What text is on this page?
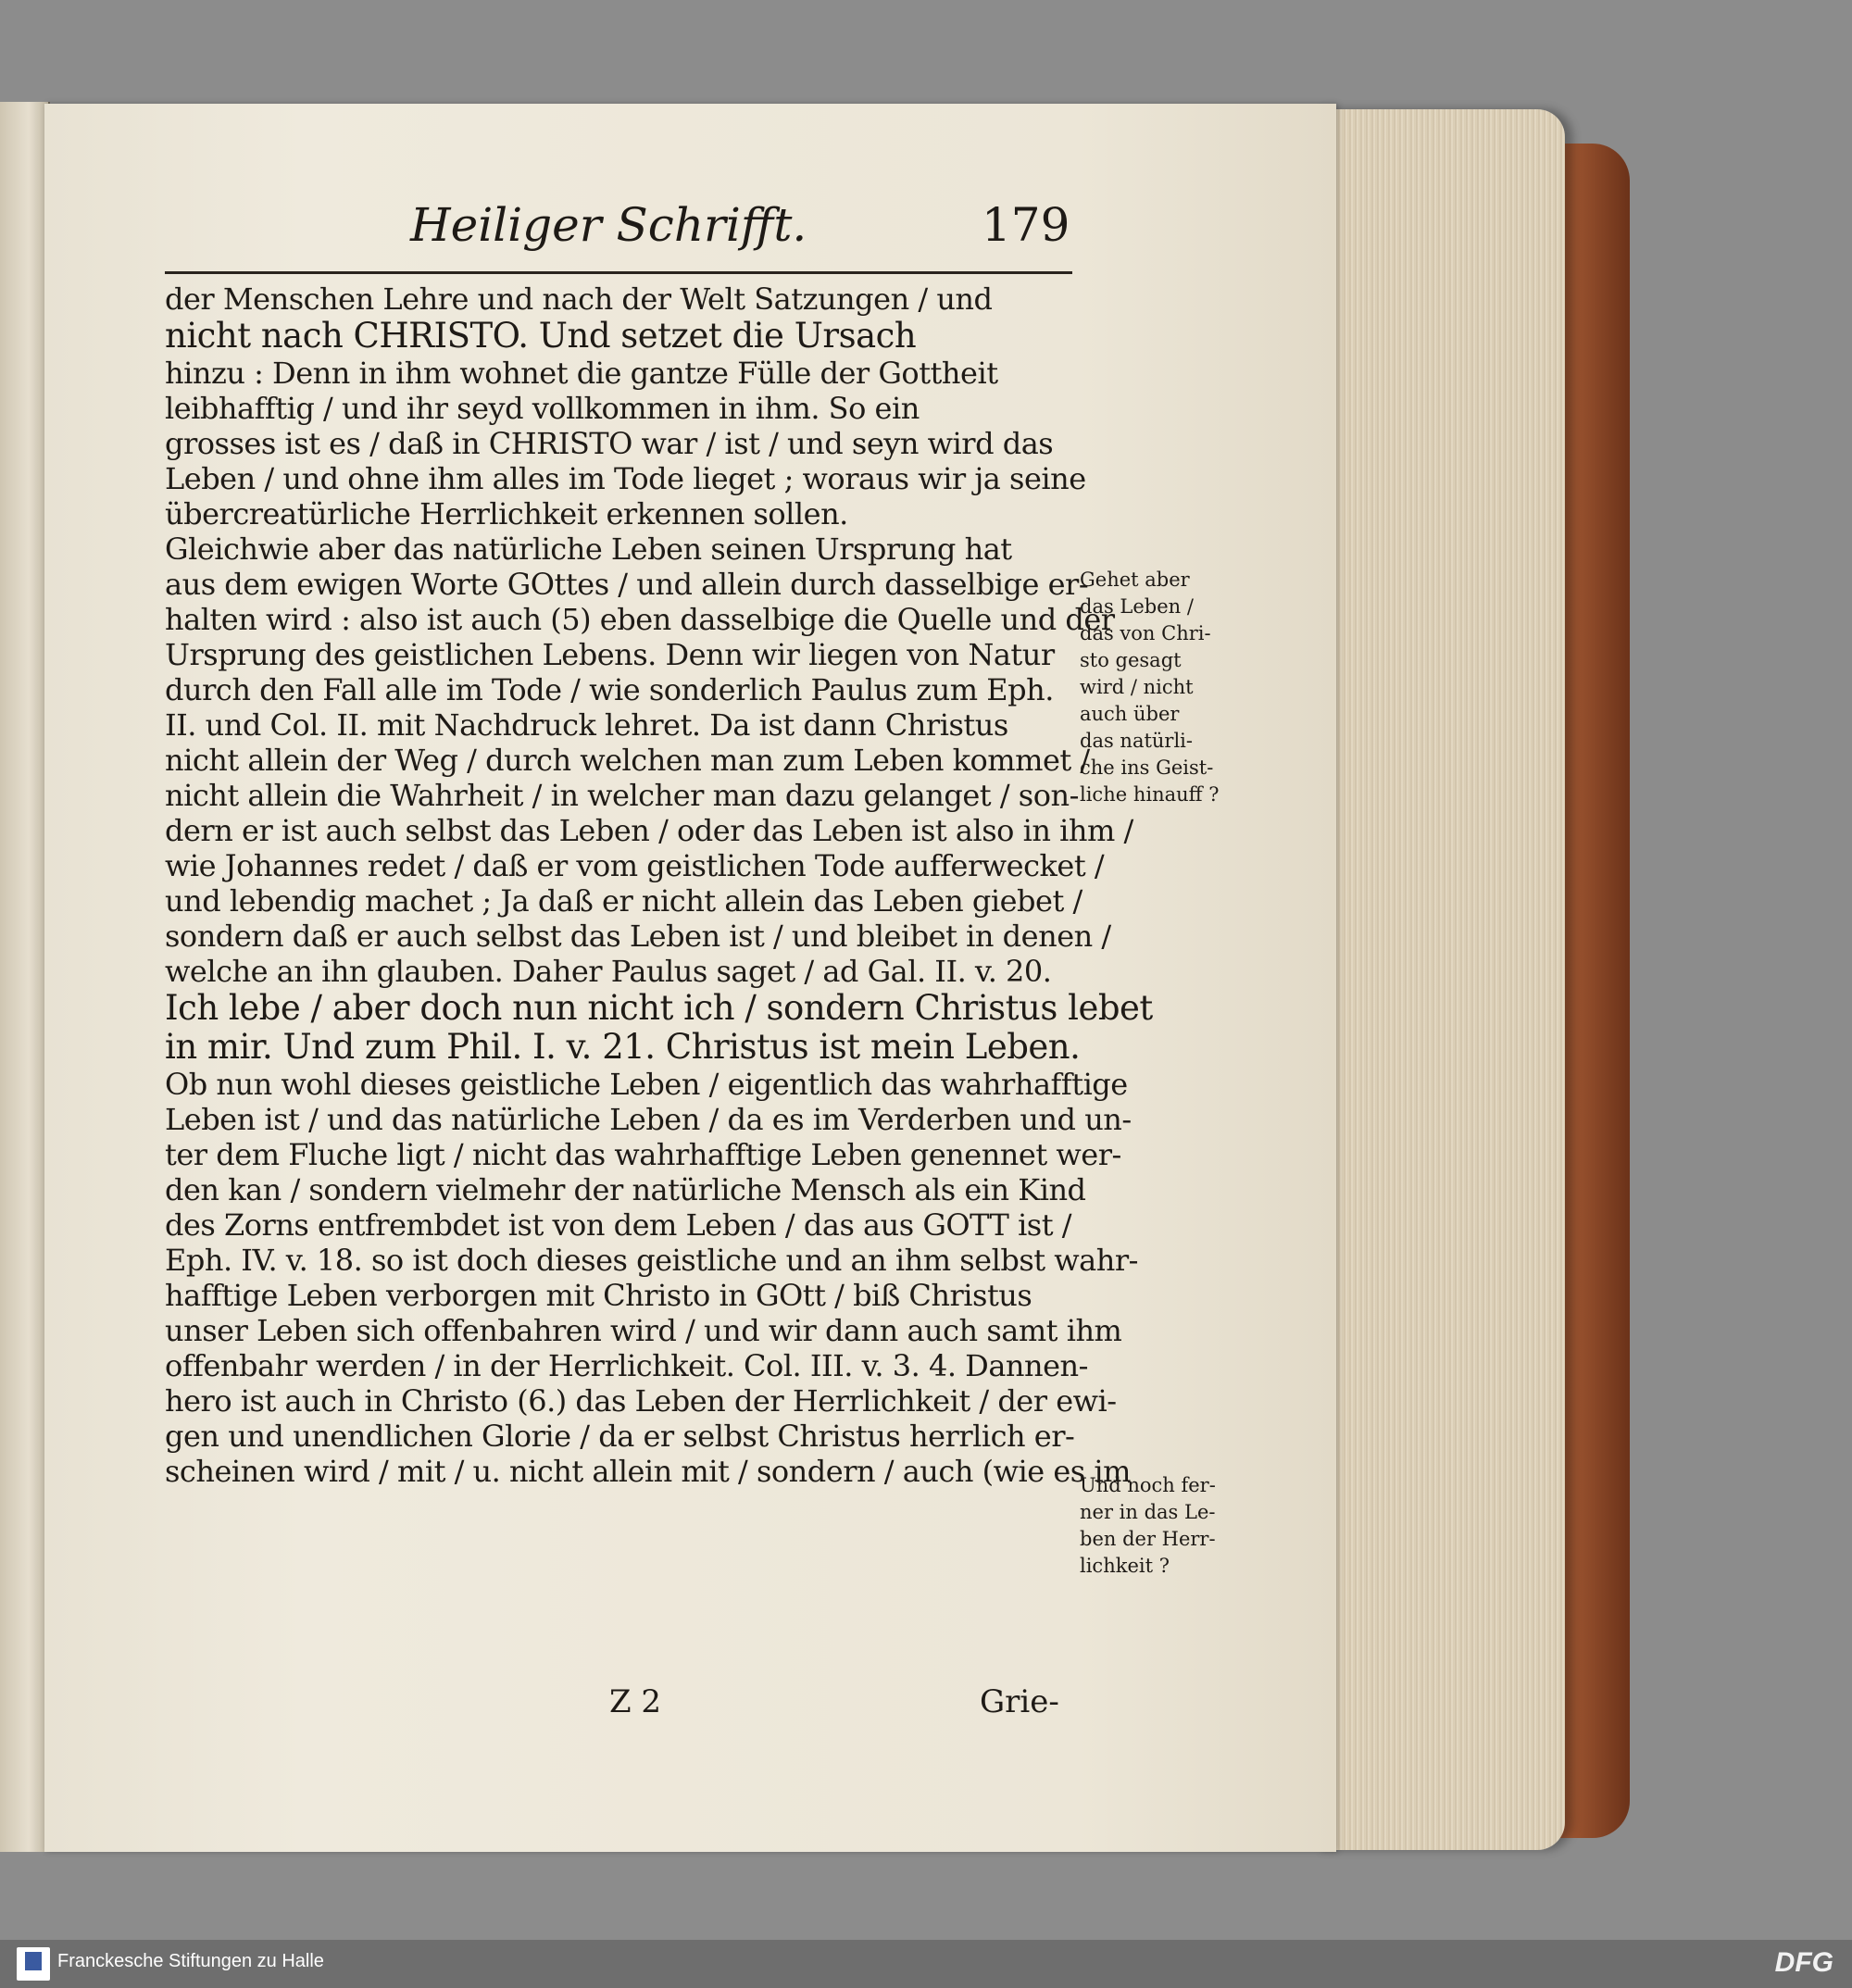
Heiliger Schrifft.	179
der Menschen Lehre und nach der Welt Satzungen / und
nicht nach CHRISTO. Und setzet die Ursach
hinzu : Denn in ihm wohnet die gantze Fülle der Gottheit
leibhafftig / und ihr seyd vollkommen in ihm. So ein
grosses ist es / daß in CHRISTO war / ist / und seyn wird das
Leben / und ohne ihm alles im Tode lieget ; woraus wir ja seine
übercreatürliche Herrlichkeit erkennen sollen.
Gleichwie aber das natürliche Leben seinen Ursprung hat
aus dem ewigen Worte GOttes / und allein durch dasselbige er-
halten wird : also ist auch (5) eben dasselbige die Quelle und der
Ursprung des geistlichen Lebens. Denn wir liegen von Natur
durch den Fall alle im Tode / wie sonderlich Paulus zum Eph.
II. und Col. II. mit Nachdruck lehret. Da ist dann Christus
nicht allein der Weg / durch welchen man zum Leben kommet /
nicht allein die Wahrheit / in welcher man dazu gelanget / son-
dern er ist auch selbst das Leben / oder das Leben ist also in ihm /
wie Johannes redet / daß er vom geistlichen Tode aufferwecket /
und lebendig machet ; Ja daß er nicht allein das Leben giebet /
sondern daß er auch selbst das Leben ist / und bleibet in denen /
welche an ihn glauben. Daher Paulus saget / ad Gal. II. v. 20.
Ich lebe / aber doch nun nicht ich / sondern Christus lebet
in mir. Und zum Phil. I. v. 21. Christus ist mein Leben.
Ob nun wohl dieses geistliche Leben / eigentlich das wahrhafftige
Leben ist / und das natürliche Leben / da es im Verderben und un-
ter dem Fluche ligt / nicht das wahrhafftige Leben genennet wer-
den kan / sondern vielmehr der natürliche Mensch als ein Kind
des Zorns entfrembdet ist von dem Leben / das aus GOTT ist /
Eph. IV. v. 18. so ist doch dieses geistliche und an ihm selbst wahr-
hafftige Leben verborgen mit Christo in GOtt / biß Christus
unser Leben sich offenbahren wird / und wir dann auch samt ihm
offenbahr werden / in der Herrlichkeit. Col. III. v. 3. 4. Dannen-
hero ist auch in Christo (6.) das Leben der Herrlichkeit / der ewi-
gen und unendlichen Glorie / da er selbst Christus herrlich er-
scheinen wird / mit / u. nicht allein mit / sondern / auch (wie es im
Gehet aber
das Leben /
das von Chri-
sto gesagt
wird / nicht
auch über
das natürli-
che ins Geist-
liche hinauff ?
Und noch fer-
ner in das Le-
ben der Herr-
lichkeit ?
Z 2	Grie-
Franckesche Stiftungen zu Halle	DFG
